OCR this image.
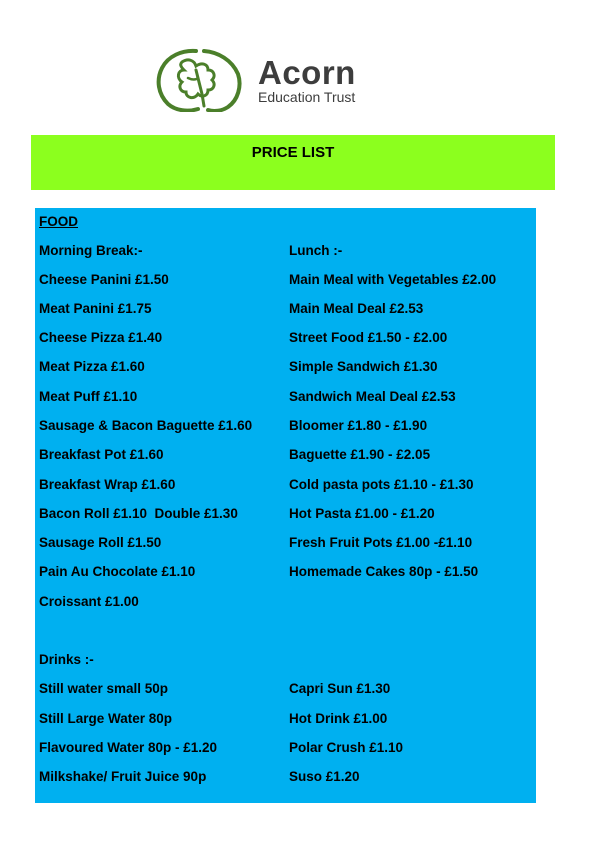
Acorn
Education Trust
PRICE LIST
FOOD
Morning Break:-	Lunch :-
Cheese Panini £1.50
Meat Panini £1.75
Cheese Pizza £1.40
Meat Pizza £1.60
Meat Puff £1.10
Sausage & Bacon Baguette £1.60
Breakfast Pot £1.60
Breakfast Wrap £1.60
Bacon Roll £1.10  Double £1.30
Sausage Roll £1.50
Pain Au Chocolate £1.10
Croissant £1.00
Main Meal with Vegetables £2.00
Main Meal Deal £2.53
Street Food £1.50 - £2.00
Simple Sandwich £1.30
Sandwich Meal Deal £2.53
Bloomer £1.80 - £1.90
Baguette £1.90 - £2.05
Cold pasta pots £1.10 - £1.30
Hot Pasta £1.00 - £1.20
Fresh Fruit Pots £1.00 -£1.10
Homemade Cakes 80p - £1.50
Drinks :-
Still water small 50p
Still Large Water 80p
Flavoured Water 80p - £1.20
Milkshake/ Fruit Juice 90p
Capri Sun £1.30
Hot Drink £1.00
Polar Crush £1.10
Suso £1.20
